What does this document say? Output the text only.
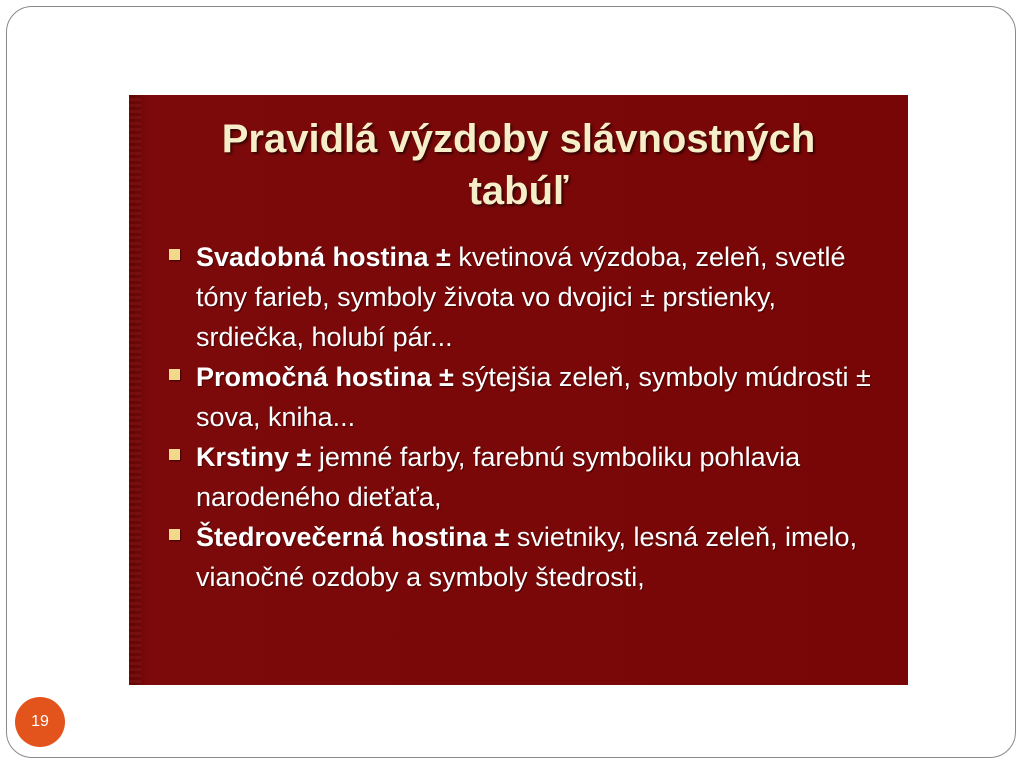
Pravidlá výzdoby slávnostných
tabúľ
Svadobná hostina ± kvetinová výzdoba, zeleň, svetlé tóny farieb, symboly života vo dvojici ± prstienky, srdiečka, holubí pár...
Promočná hostina ± sýtejšia zeleň, symboly múdrosti ± sova, kniha...
Krstiny ± jemné farby, farebnú symboliku pohlavia narodeného dieťaťa,
Štedrovečerná hostina ± svietniky, lesná zeleň, imelo, vianočné ozdoby a symboly štedrosti,
19
